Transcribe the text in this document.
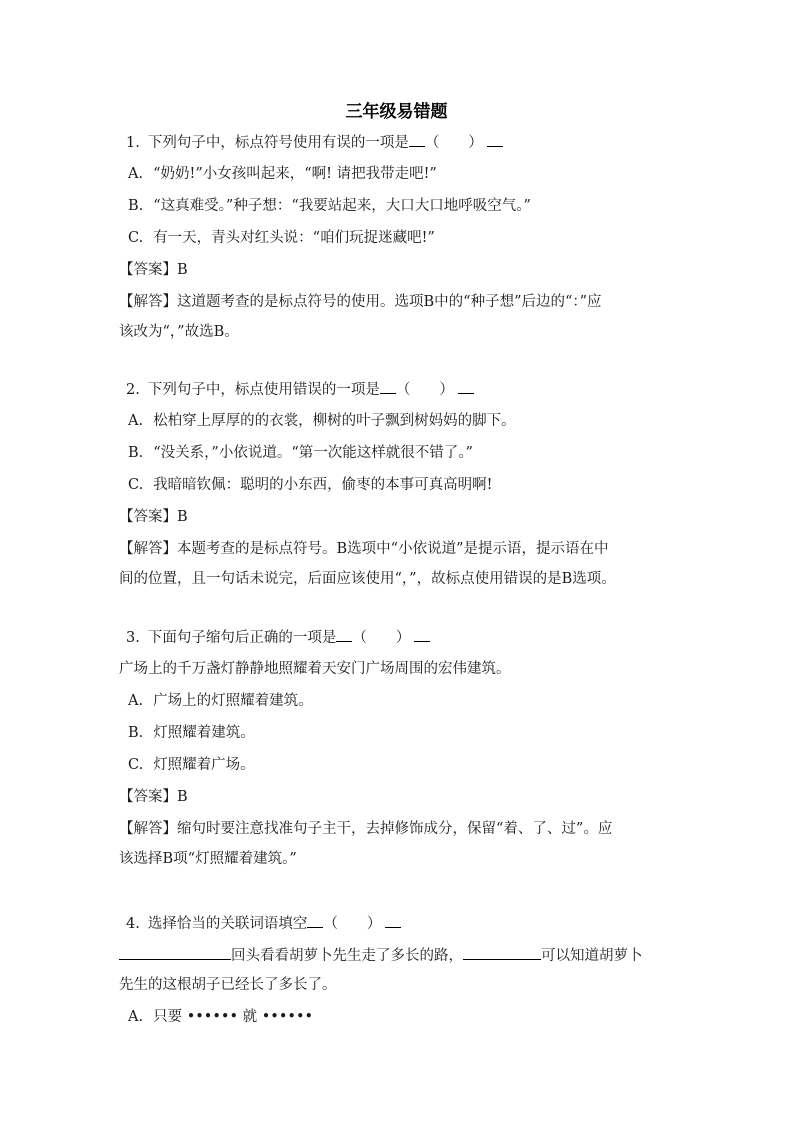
三年级易错题
1. 下列句子中，标点符号使用有误的一项是 （　　）
A. “奶奶!”小女孩叫起来，“啊! 请把我带走吧!”
B. “这真难受。”种子想：“我要站起来，大口大口地呼吸空气。”
C. 有一天，青头对红头说：“咱们玩捉迷藏吧!”
【答案】B
【解答】这道题考查的是标点符号的使用。选项B中的“种子想”后边的“：”应
该改为“，”故选B。
2. 下列句子中，标点使用错误的一项是 （　　）
A. 松柏穿上厚厚的的衣裳，柳树的叶子飘到树妈妈的脚下。
B. “没关系，”小依说道。“第一次能这样就很不错了。”
C. 我暗暗钦佩：聪明的小东西，偷枣的本事可真高明啊!
【答案】B
【解答】本题考查的是标点符号。B选项中“小依说道”是提示语，提示语在中
间的位置，且一句话未说完，后面应该使用“，”，故标点使用错误的是B选项。
3. 下面句子缩句后正确的一项是 （　　）
广场上的千万盏灯静静地照耀着天安门广场周围的宏伟建筑。
A. 广场上的灯照耀着建筑。
B. 灯照耀着建筑。
C. 灯照耀着广场。
【答案】B
【解答】缩句时要注意找准句子主干，去掉修饰成分，保留“着、了、过”。应
该选择B项“灯照耀着建筑。”
4. 选择恰当的关联词语填空 （　　）
回头看看胡萝卜先生走了多长的路，	可以知道胡萝卜
先生的这根胡子已经长了多长了。
A. 只要 •••••• 就 ••••••
